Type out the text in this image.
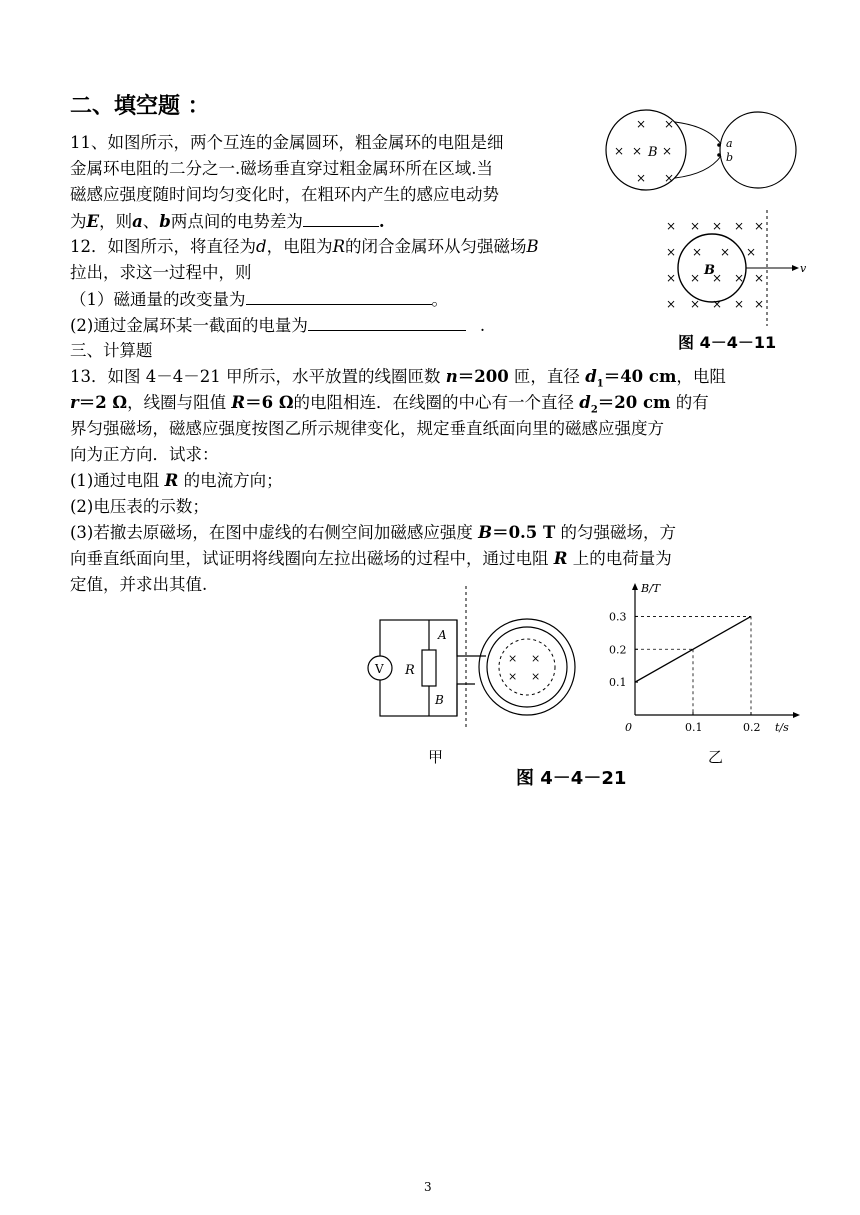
二、填空题 ：
11、如图所示，两个互连的金属圆环，粗金属环的电阻是细
金属环电阻的二分之一.磁场垂直穿过粗金属环所在区域.当
磁感应强度随时间均匀变化时，在粗环内产生的感应电动势
为E，则a、b两点间的电势差为	.
12．如图所示，将直径为d，电阻为R的闭合金属环从匀强磁场B
拉出，求这一过程中，则
（1）磁通量的改变量为	。
(2)通过金属环某一截面的电量为	.
三、计算题
13．如图 4－4－21 甲所示，水平放置的线圈匝数 n＝200 匝，直径 $d_1=40$ cm，电阻
r＝2 Ω，线圈与阻值 R＝6 Ω的电阻相连．在线圈的中心有一个直径 $d_2=20$ cm 的有
界匀强磁场，磁感应强度按图乙所示规律变化，规定垂直纸面向里的磁感应强度方
向为正方向．试求：
(1)通过电阻 R 的电流方向；
(2)电压表的示数；
(3)若撤去原磁场，在图中虚线的右侧空间加磁感应强度 B＝0.5 T 的匀强磁场，方
向垂直纸面向里，试证明将线圈向左拉出磁场的过程中，通过电阻 R 上的电荷量为
定值，并求出其值.
a
b
B
× ×
× × ×
× ×
× × × × ×
× × × ×
× × × × ×
× × × × ×
B	v
图 4－4－11
V R
A
B
× ×
× ×
B/T
t/s
0	0.1	0.2
0.1
0.2
0.3
甲	乙
图 4－4－21
3
